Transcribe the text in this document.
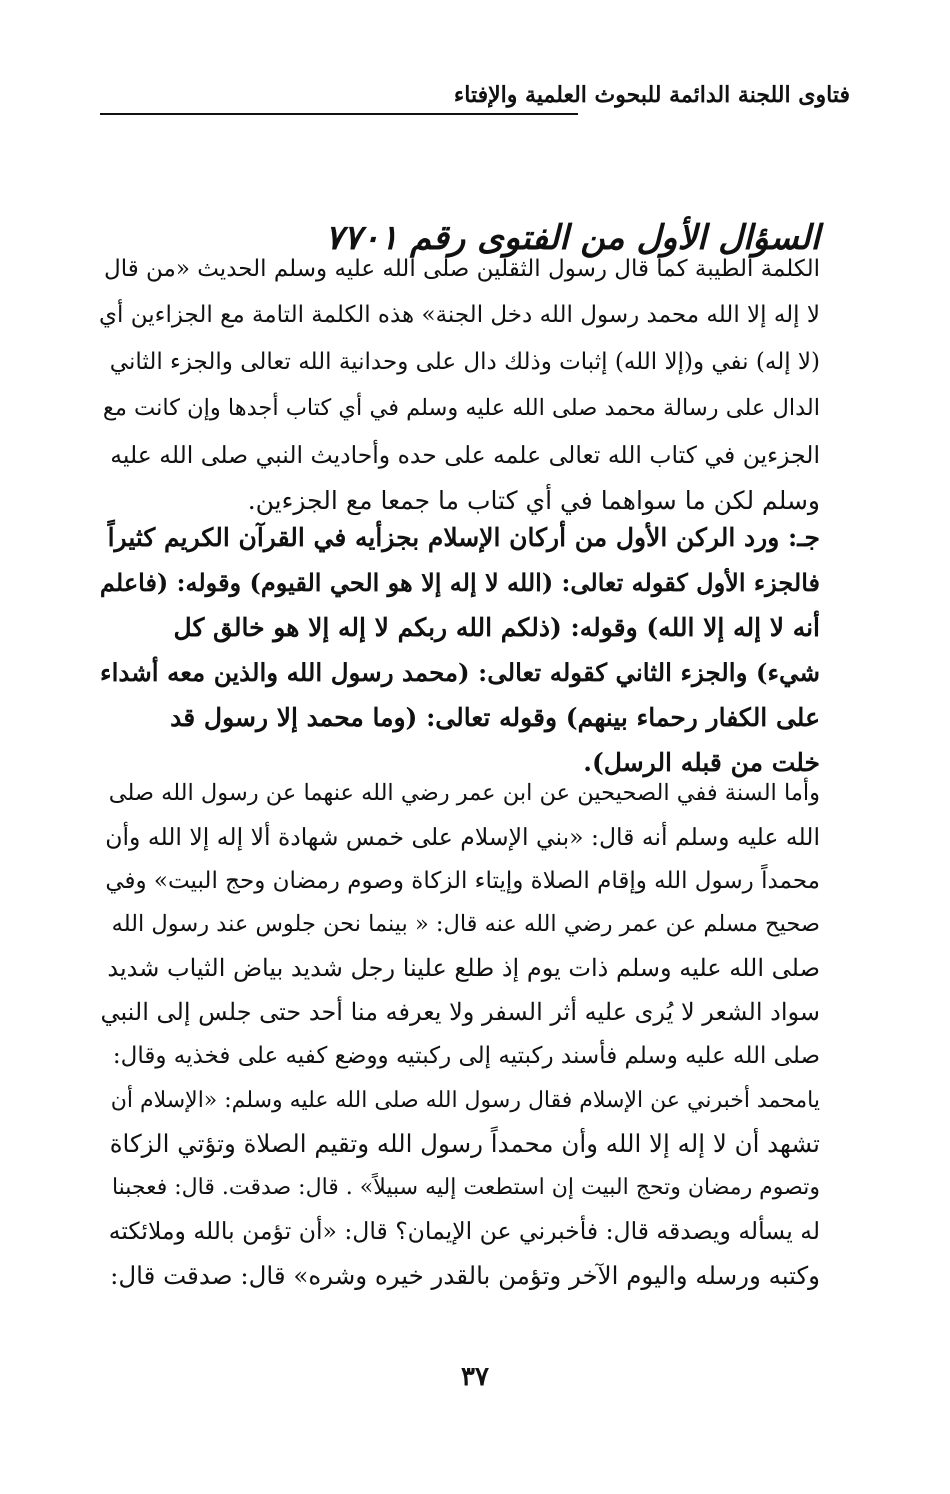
فتاوى اللجنة الدائمة للبحوث العلمية والإفتاء
السؤال الأول من الفتوى رقم ٧٧٠١

الكلمة الطيبة كما قال رسول الثقلين صلى الله عليه وسلم الحديث «من قال
لا إله إلا الله محمد رسول الله دخل الجنة» هذه الكلمة التامة مع الجزاءين أي
(لا إله) نفي و(إلا الله) إثبات وذلك دال على وحدانية الله تعالى والجزء الثاني
الدال على رسالة محمد صلى الله عليه وسلم في أي كتاب أجدها وإن كانت مع
الجزءين في كتاب الله تعالى علمه على حده وأحاديث النبي صلى الله عليه
وسلم لكن ما سواهما في أي كتاب ما جمعا مع الجزءين.

جـ: ورد الركن الأول من أركان الإسلام بجزأيه في القرآن الكريم كثيراً
فالجزء الأول كقوله تعالى: (الله لا إله إلا هو الحي القيوم) وقوله: (فاعلم
أنه لا إله إلا الله) وقوله: (ذلكم الله ربكم لا إله إلا هو خالق كل
شيء) والجزء الثاني كقوله تعالى: (محمد رسول الله والذين معه أشداء
على الكفار رحماء بينهم) وقوله تعالى: (وما محمد إلا رسول قد
خلت من قبله الرسل).

وأما السنة ففي الصحيحين عن ابن عمر رضي الله عنهما عن رسول الله صلى
الله عليه وسلم أنه قال: «بني الإسلام على خمس شهادة ألا إله إلا الله وأن
محمداً رسول الله وإقام الصلاة وإيتاء الزكاة وصوم رمضان وحج البيت» وفي
صحيح مسلم عن عمر رضي الله عنه قال: « بينما نحن جلوس عند رسول الله
صلى الله عليه وسلم ذات يوم إذ طلع علينا رجل شديد بياض الثياب شديد
سواد الشعر لا يُرى عليه أثر السفر ولا يعرفه منا أحد حتى جلس إلى النبي
صلى الله عليه وسلم فأسند ركبتيه إلى ركبتيه ووضع كفيه على فخذيه وقال:
يامحمد أخبرني عن الإسلام فقال رسول الله صلى الله عليه وسلم: «الإسلام أن
تشهد أن لا إله إلا الله وأن محمداً رسول الله وتقيم الصلاة وتؤتي الزكاة
وتصوم رمضان وتحج البيت إن استطعت إليه سبيلاً» . قال: صدقت. قال: فعجبنا
له يسأله ويصدقه قال: فأخبرني عن الإيمان؟ قال: «أن تؤمن بالله وملائكته
وكتبه ورسله واليوم الآخر وتؤمن بالقدر خيره وشره» قال: صدقت قال:

٣٧
